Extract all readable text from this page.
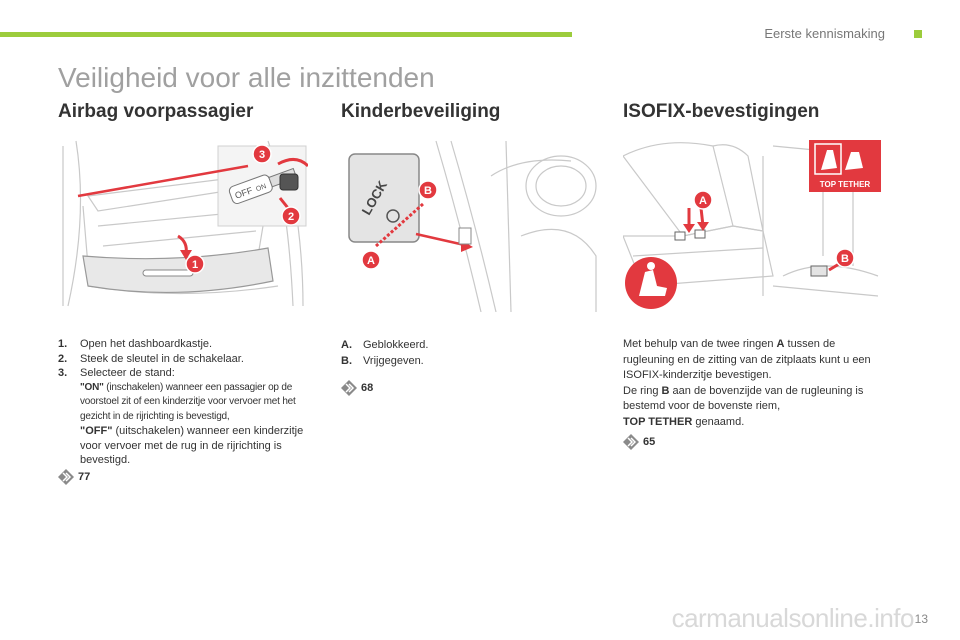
Eerste kennismaking
Veiligheid voor alle inzittenden
Airbag voorpassagier	Kinderbeveiliging	ISOFIX-bevestigingen
OFF ON
1
2
3
LOCK
A
B
A
B
TOP TETHER
1. Open het dashboardkastje.
2. Steek de sleutel in de schakelaar.
3. Selecteer de stand:
"ON" (inschakelen) wanneer een passagier op de voorstoel zit of een kinderzitje voor vervoer met het gezicht in de rijrichting is bevestigd,
"OFF" (uitschakelen) wanneer een kinderzitje voor vervoer met de rug in de rijrichting is bevestigd.
77
A. Geblokkeerd.
B. Vrijgegeven.
68

Met behulp van de twee ringen A tussen de rugleuning en de zitting van de zitplaats kunt u een ISOFIX-kinderzitje bevestigen.
De ring B aan de bovenzijde van de rugleuning is bestemd voor de bovenste riem,
TOP TETHER genaamd.

65
carmanualsonline.info 13
